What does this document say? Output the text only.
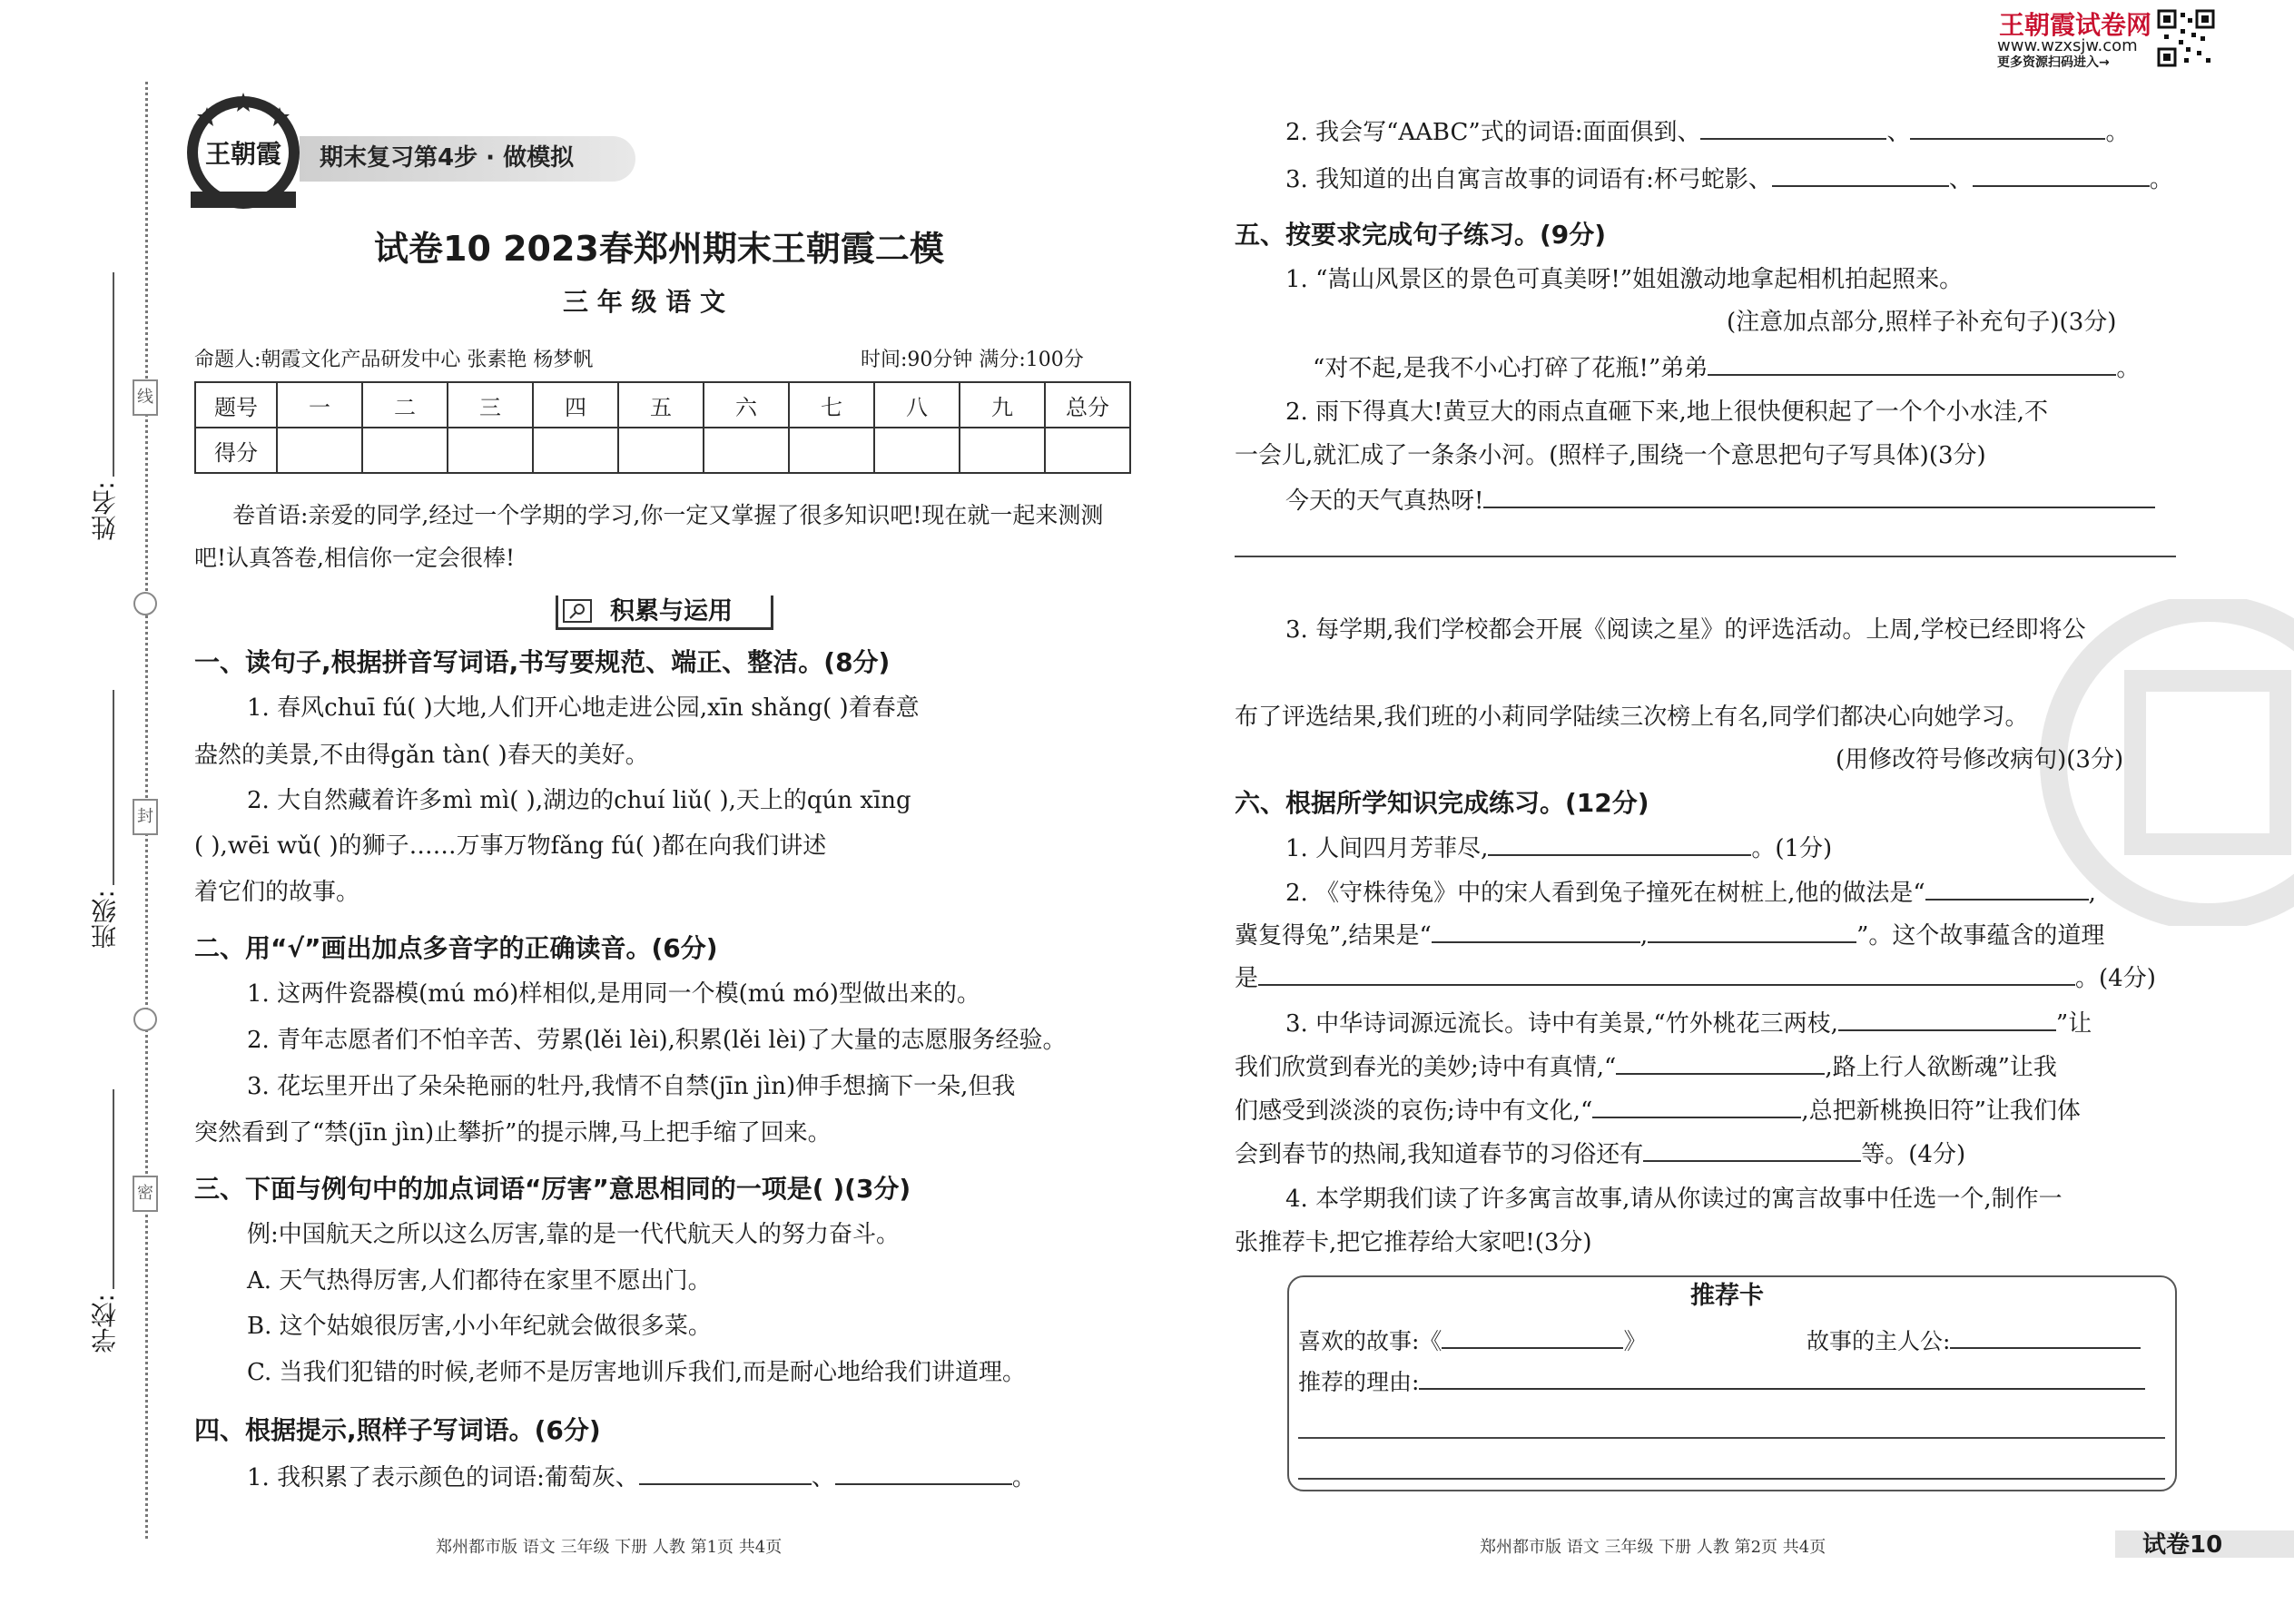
线
封
密
姓名:
班级:
学校:
王朝霞	期末复习第4步 · 做模拟
试卷10 2023春郑州期末王朝霞二模
三 年 级 语 文
命题人:朝霞文化产品研发中心 张素艳 杨梦帆	时间:90分钟 满分:100分
题号	一	二	三	四	五	六	七	八	九	总分
得分										
卷首语:亲爱的同学,经过一个学期的学习,你一定又掌握了很多知识吧!现在就一起来测测
吧!认真答卷,相信你一定会很棒!
积累与运用
一、读句子,根据拼音写词语,书写要规范、端正、整洁。(8分)
1. 春风chuī fú( )大地,人们开心地走进公园,xīn shǎng( )着春意
盎然的美景,不由得gǎn tàn( )春天的美好。
2. 大自然藏着许多mì mì( ),湖边的chuí liǔ( ),天上的qún xīng
( ),wēi wǔ( )的狮子……万事万物fǎng fú( )都在向我们讲述
着它们的故事。
二、用“√”画出加点多音字的正确读音。(6分)
1. 这两件瓷器模(mú mó)样相似,是用同一个模(mú mó)型做出来的。
2. 青年志愿者们不怕辛苦、劳累(lěi lèi),积累(lěi lèi)了大量的志愿服务经验。
3. 花坛里开出了朵朵艳丽的牡丹,我情不自禁(jīn jìn)伸手想摘下一朵,但我
突然看到了“禁(jīn jìn)止攀折”的提示牌,马上把手缩了回来。
三、下面与例句中的加点词语“厉害”意思相同的一项是( )(3分)
例:中国航天之所以这么厉害,靠的是一代代航天人的努力奋斗。
A. 天气热得厉害,人们都待在家里不愿出门。
B. 这个姑娘很厉害,小小年纪就会做很多菜。
C. 当我们犯错的时候,老师不是厉害地训斥我们,而是耐心地给我们讲道理。
四、根据提示,照样子写词语。(6分)
1. 我积累了表示颜色的词语:葡萄灰、	、	。
2. 我会写“AABC”式的词语:面面俱到、	、	。
3. 我知道的出自寓言故事的词语有:杯弓蛇影、	、	。
五、按要求完成句子练习。(9分)
1. “嵩山风景区的景色可真美呀!”姐姐激动地拿起相机拍起照来。
(注意加点部分,照样子补充句子)(3分)
“对不起,是我不小心打碎了花瓶!”弟弟	。
2. 雨下得真大!黄豆大的雨点直砸下来,地上很快便积起了一个个小水洼,不
一会儿,就汇成了一条条小河。(照样子,围绕一个意思把句子写具体)(3分)
今天的天气真热呀!
3. 每学期,我们学校都会开展《阅读之星》的评选活动。上周,学校已经即将公
布了评选结果,我们班的小莉同学陆续三次榜上有名,同学们都决心向她学习。
(用修改符号修改病句)(3分)
六、根据所学知识完成练习。(12分)
1. 人间四月芳菲尽,	。(1分)
2. 《守株待兔》中的宋人看到兔子撞死在树桩上,他的做法是“	,
冀复得兔”,结果是“	,	”。这个故事蕴含的道理
是	。(4分)
3. 中华诗词源远流长。诗中有美景,“竹外桃花三两枝,	”让
我们欣赏到春光的美妙;诗中有真情,“	,路上行人欲断魂”让我
们感受到淡淡的哀伤;诗中有文化,“	,总把新桃换旧符”让我们体
会到春节的热闹,我知道春节的习俗还有	等。(4分)
4. 本学期我们读了许多寓言故事,请从你读过的寓言故事中任选一个,制作一
张推荐卡,把它推荐给大家吧!(3分)
推荐卡
喜欢的故事:《	》	故事的主人公:
推荐的理由:
王朝霞试卷网
www.wzxsjw.com
更多资源扫码进入→
郑州都市版 语文 三年级 下册 人教 第1页 共4页	郑州都市版 语文 三年级 下册 人教 第2页 共4页	试卷10
